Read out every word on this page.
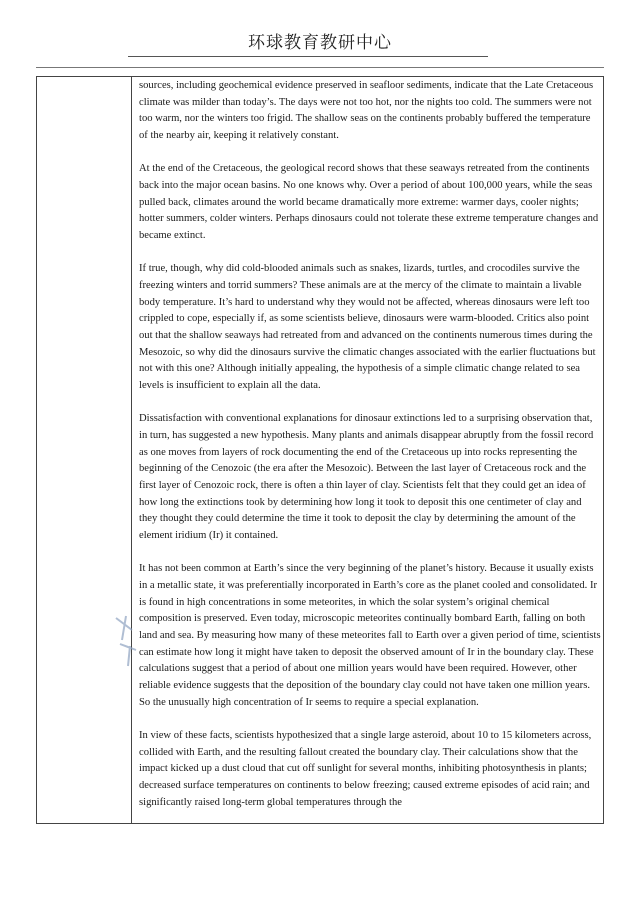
环球教育教研中心

sources, including geochemical evidence preserved in seafloor sediments, indicate that the Late Cretaceous climate was milder than today’s. The days were not too hot, nor the nights too cold. The summers were not too warm, nor the winters too frigid. The shallow seas on the continents probably buffered the temperature of the nearby air, keeping it relatively constant.

At the end of the Cretaceous, the geological record shows that these seaways retreated from the continents back into the major ocean basins. No one knows why. Over a period of about 100,000 years, while the seas pulled back, climates around the world became dramatically more extreme: warmer days, cooler nights; hotter summers, colder winters. Perhaps dinosaurs could not tolerate these extreme temperature changes and became extinct.

If true, though, why did cold-blooded animals such as snakes, lizards, turtles, and crocodiles survive the freezing winters and torrid summers? These animals are at the mercy of the climate to maintain a livable body temperature. It’s hard to understand why they would not be affected, whereas dinosaurs were left too crippled to cope, especially if, as some scientists believe, dinosaurs were warm-blooded. Critics also point out that the shallow seaways had retreated from and advanced on the continents numerous times during the Mesozoic, so why did the dinosaurs survive the climatic changes associated with the earlier fluctuations but not with this one? Although initially appealing, the hypothesis of a simple climatic change related to sea levels is insufficient to explain all the data.

Dissatisfaction with conventional explanations for dinosaur extinctions led to a surprising observation that, in turn, has suggested a new hypothesis. Many plants and animals disappear abruptly from the fossil record as one moves from layers of rock documenting the end of the Cretaceous up into rocks representing the beginning of the Cenozoic (the era after the Mesozoic). Between the last layer of Cretaceous rock and the first layer of Cenozoic rock, there is often a thin layer of clay. Scientists felt that they could get an idea of how long the extinctions took by determining how long it took to deposit this one centimeter of clay and they thought they could determine the time it took to deposit the clay by determining the amount of the element iridium (Ir) it contained.

It has not been common at Earth’s since the very beginning of the planet’s history. Because it usually exists in a metallic state, it was preferentially incorporated in Earth’s core as the planet cooled and consolidated. Ir is found in high concentrations in some meteorites, in which the solar system’s original chemical composition is preserved. Even today, microscopic meteorites continually bombard Earth, falling on both land and sea. By measuring how many of these meteorites fall to Earth over a given period of time, scientists can estimate how long it might have taken to deposit the observed amount of Ir in the boundary clay. These calculations suggest that a period of about one million years would have been required. However, other reliable evidence suggests that the deposition of the boundary clay could not have taken one million years. So the unusually high concentration of Ir seems to require a special explanation.

In view of these facts, scientists hypothesized that a single large asteroid, about 10 to 15 kilometers across, collided with Earth, and the resulting fallout created the boundary clay. Their calculations show that the impact kicked up a dust cloud that cut off sunlight for several months, inhibiting photosynthesis in plants; decreased surface temperatures on continents to below freezing; caused extreme episodes of acid rain; and significantly raised long-term global temperatures through the
